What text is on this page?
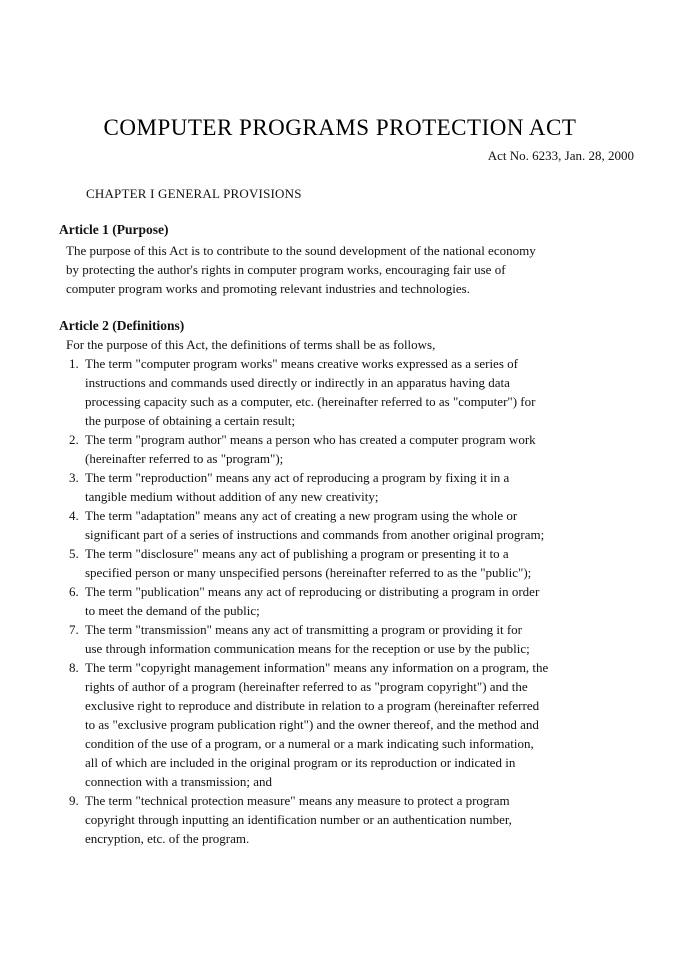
COMPUTER PROGRAMS PROTECTION ACT
Act No. 6233, Jan. 28, 2000
CHAPTER I GENERAL PROVISIONS
Article 1 (Purpose)
The purpose of this Act is to contribute to the sound development of the national economy
by protecting the author's rights in computer program works, encouraging fair use of
computer program works and promoting relevant industries and technologies.
Article 2 (Definitions)
For the purpose of this Act, the definitions of terms shall be as follows,
1. The term "computer program works" means creative works expressed as a series of
instructions and commands used directly or indirectly in an apparatus having data
processing capacity such as a computer, etc. (hereinafter referred to as "computer") for
the purpose of obtaining a certain result;
2. The term "program author" means a person who has created a computer program work
(hereinafter referred to as "program");
3. The term "reproduction" means any act of reproducing a program by fixing it in a
tangible medium without addition of any new creativity;
4. The term "adaptation" means any act of creating a new program using the whole or
significant part of a series of instructions and commands from another original program;
5. The term "disclosure" means any act of publishing a program or presenting it to a
specified person or many unspecified persons (hereinafter referred to as the "public");
6. The term "publication" means any act of reproducing or distributing a program in order
to meet the demand of the public;
7. The term "transmission" means any act of transmitting a program or providing it for
use through information communication means for the reception or use by the public;
8. The term "copyright management information" means any information on a program, the
rights of author of a program (hereinafter referred to as "program copyright") and the
exclusive right to reproduce and distribute in relation to a program (hereinafter referred
to as "exclusive program publication right") and the owner thereof, and the method and
condition of the use of a program, or a numeral or a mark indicating such information,
all of which are included in the original program or its reproduction or indicated in
connection with a transmission; and
9. The term "technical protection measure" means any measure to protect a program
copyright through inputting an identification number or an authentication number,
encryption, etc. of the program.
